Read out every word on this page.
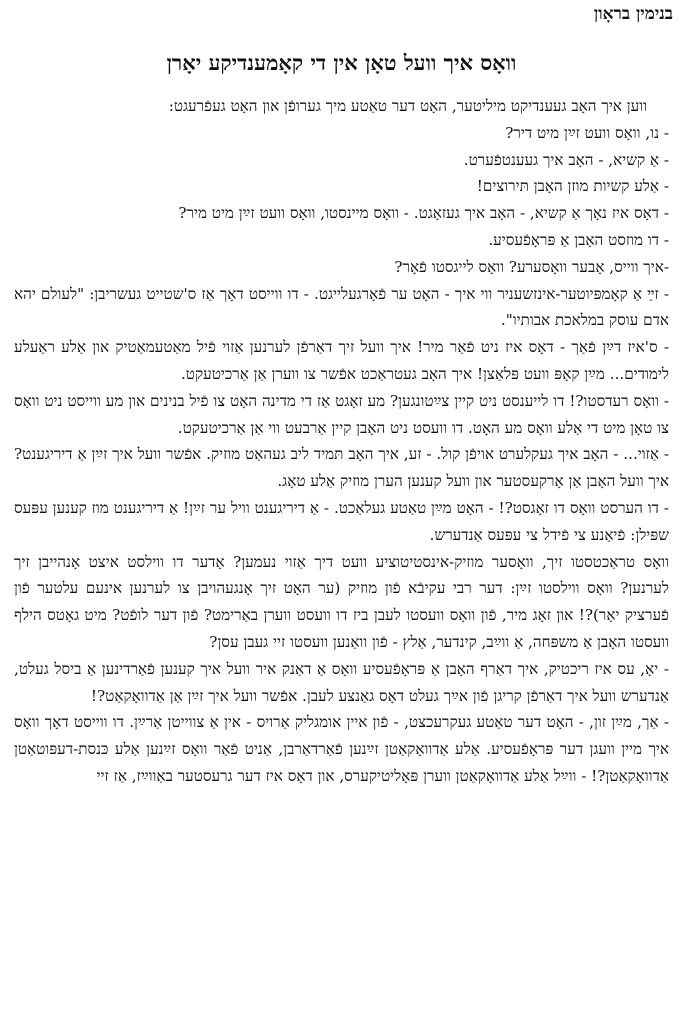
בנימין בראָון
וואָס איך וועל טאָן אין די קאָמענדיקע יאָרן

ווען איך האָב געענדיקט מיליטער, האָט דער טאַטע מיך גערופֿן און האָט געפֿרעגט:

- נו, וואָס וועט זײַן מיט דיר?

- אַ קשיא, - האָב איך געענטפֿערט.

- אַלע קשיות מוזן האָבן תּירוצים!

- דאָס איז נאָך אַ קשיא, - האָב איך געזאָגט. - וואָס מיינסטו, וואָס וועט זײַן מיט מיר?

- דו מוזסט האָבן אַ פּראָפֿעסיע.

-איך ווייס, אָבער וואָסערע? וואָס לייגסטו פֿאָר?

- זײַ אַ קאָמפּיוטער-אינזשעניר ווי איך - האָט ער פֿאָרגעלייגט. - דו ווייסט דאָך אַז ס'שטייט געשריבן: "לעולם יהא אדם עוסק במלאכת אבותיו".

- ס'איז דײַן פֿאַך - דאָס איז ניט פֿאַר מיר! איך וועל זיך דאַרפֿן לערנען אַזוי פֿיל מאַטעמאַטיק און אַלע ראַעלע לימודים... מײַן קאָפּ וועט פּלאַצן! איך האָב געטראַכט אפֿשר צו ווערן אַן אַרכיטעקט.

- וואָס רעדסטו?! דו לייענסט ניט קיין צײַטונגען? מע זאָגט אַז די מדינה האָט צו פֿיל בנינים און מע ווייסט ניט וואָס צו טאָן מיט די אַלע וואָס מע האָט. דו וועסט ניט האָבן קיין אַרבעט ווי אַן אַרכיטעקט.

- אַזוי... - האָב איך געקלערט אויפֿן קול. - זע, איך האָב תּמיד ליב געהאַט מוזיק. אפֿשר וועל איך זײַן אַ דיריגענט? איך וועל האָבן אַן אָרקעסטער און וועל קענען הערן מוזיק אַלע טאָג.

- דו הערסט וואָס דו זאָגסט?! - האָט מײַן טאַטע געלאַכט. - אַ דיריגענט וויל ער זײַן! אַ דיריגענט מוז קענען עפּעס שפּילן: פֿיאַנע צי פֿידל צי עפּעס אַנדערש.

וואָס טראַכטסטו זיך, וואָסער מוזיק-אינסטיטוציע וועט דיך אַזוי נעמען? אָדער דו ווילסט איצט אָנהייבן זיך לערנען? וואָס ווילסטו זײַן: דער רבי עקיבֿא פֿון מוזיק (ער האָט זיך אָנגעהויבן צו לערנען אינעם עלטער פֿון פֿערציק יאָר)?! און זאָג מיר, פֿון וואָס וועסטו לעבן ביז דו וועסט ווערן באַרימט? פֿון דער לופֿט? מיט גאָטס הילף וועסטו האָבן אַ משפּחה, אַ ווײַב, קינדער, אַלץ - פֿון וואַנען וועסטו זיי געבן עסן?

- יאָ, עס איז ריכטיק, איך דאַרף האָבן אַ פּראָפֿעסיע וואָס אַ דאַנק איר וועל איך קענען פֿאַרדינען אַ ביסל געלט, אַנדערש וועל איך דאַרפֿן קריגן פֿון אײַך געלט דאָס גאַנצע לעבן. אפֿשר וועל איך זײַן אַן אַדוואָקאַט?!

- אַך, מײַן זון, - האָט דער טאַטע געקרעכצט, - פֿון איין אומגליק אַרויס - אין אַ צווייטן אַרײַן. דו ווייסט דאָך וואָס איך מיין וועגן דער פּראָפֿעסיע. אַלע אַדוואָקאַטן זײַנען פֿאַרדאַרבן, אַניט פֿאַר וואָס זײַנען אַלע כּנסת-דעפּוטאַטן אַדוואָקאַטן?! - ווײַל אַלע אַדוואָקאַטן ווערן פּאָליטיקערס, און דאָס איז דער גרעסטער באַווײַז, אַז זיי
